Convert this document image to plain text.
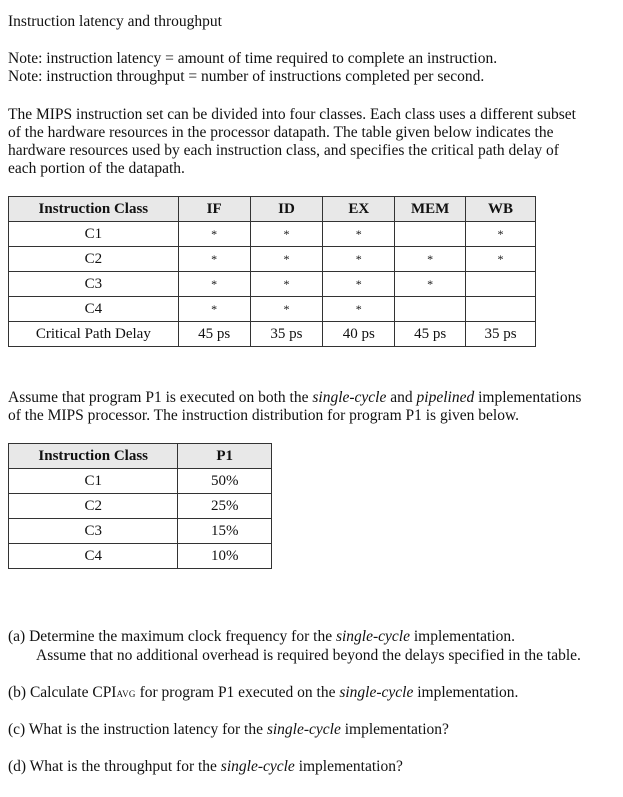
Instruction latency and throughput
Note: instruction latency = amount of time required to complete an instruction.
Note: instruction throughput = number of instructions completed per second.
The MIPS instruction set can be divided into four classes. Each class uses a different subset
of the hardware resources in the processor datapath. The table given below indicates the
hardware resources used by each instruction class, and specifies the critical path delay of
each portion of the datapath.
Instruction Class	IF	ID	EX	MEM	WB
C1	*	*	*		*
C2	*	*	*	*	*
C3	*	*	*	*	
C4	*	*	*		
Critical Path Delay	45 ps	35 ps	40 ps	45 ps	35 ps
Assume that program P1 is executed on both the single-cycle and pipelined implementations
of the MIPS processor. The instruction distribution for program P1 is given below.
Instruction Class	P1
C1	50%
C2	25%
C3	15%
C4	10%
(a) Determine the maximum clock frequency for the single-cycle implementation.
Assume that no additional overhead is required beyond the delays specified in the table.
(b) Calculate CPIAVG for program P1 executed on the single-cycle implementation.
(c) What is the instruction latency for the single-cycle implementation?
(d) What is the throughput for the single-cycle implementation?
